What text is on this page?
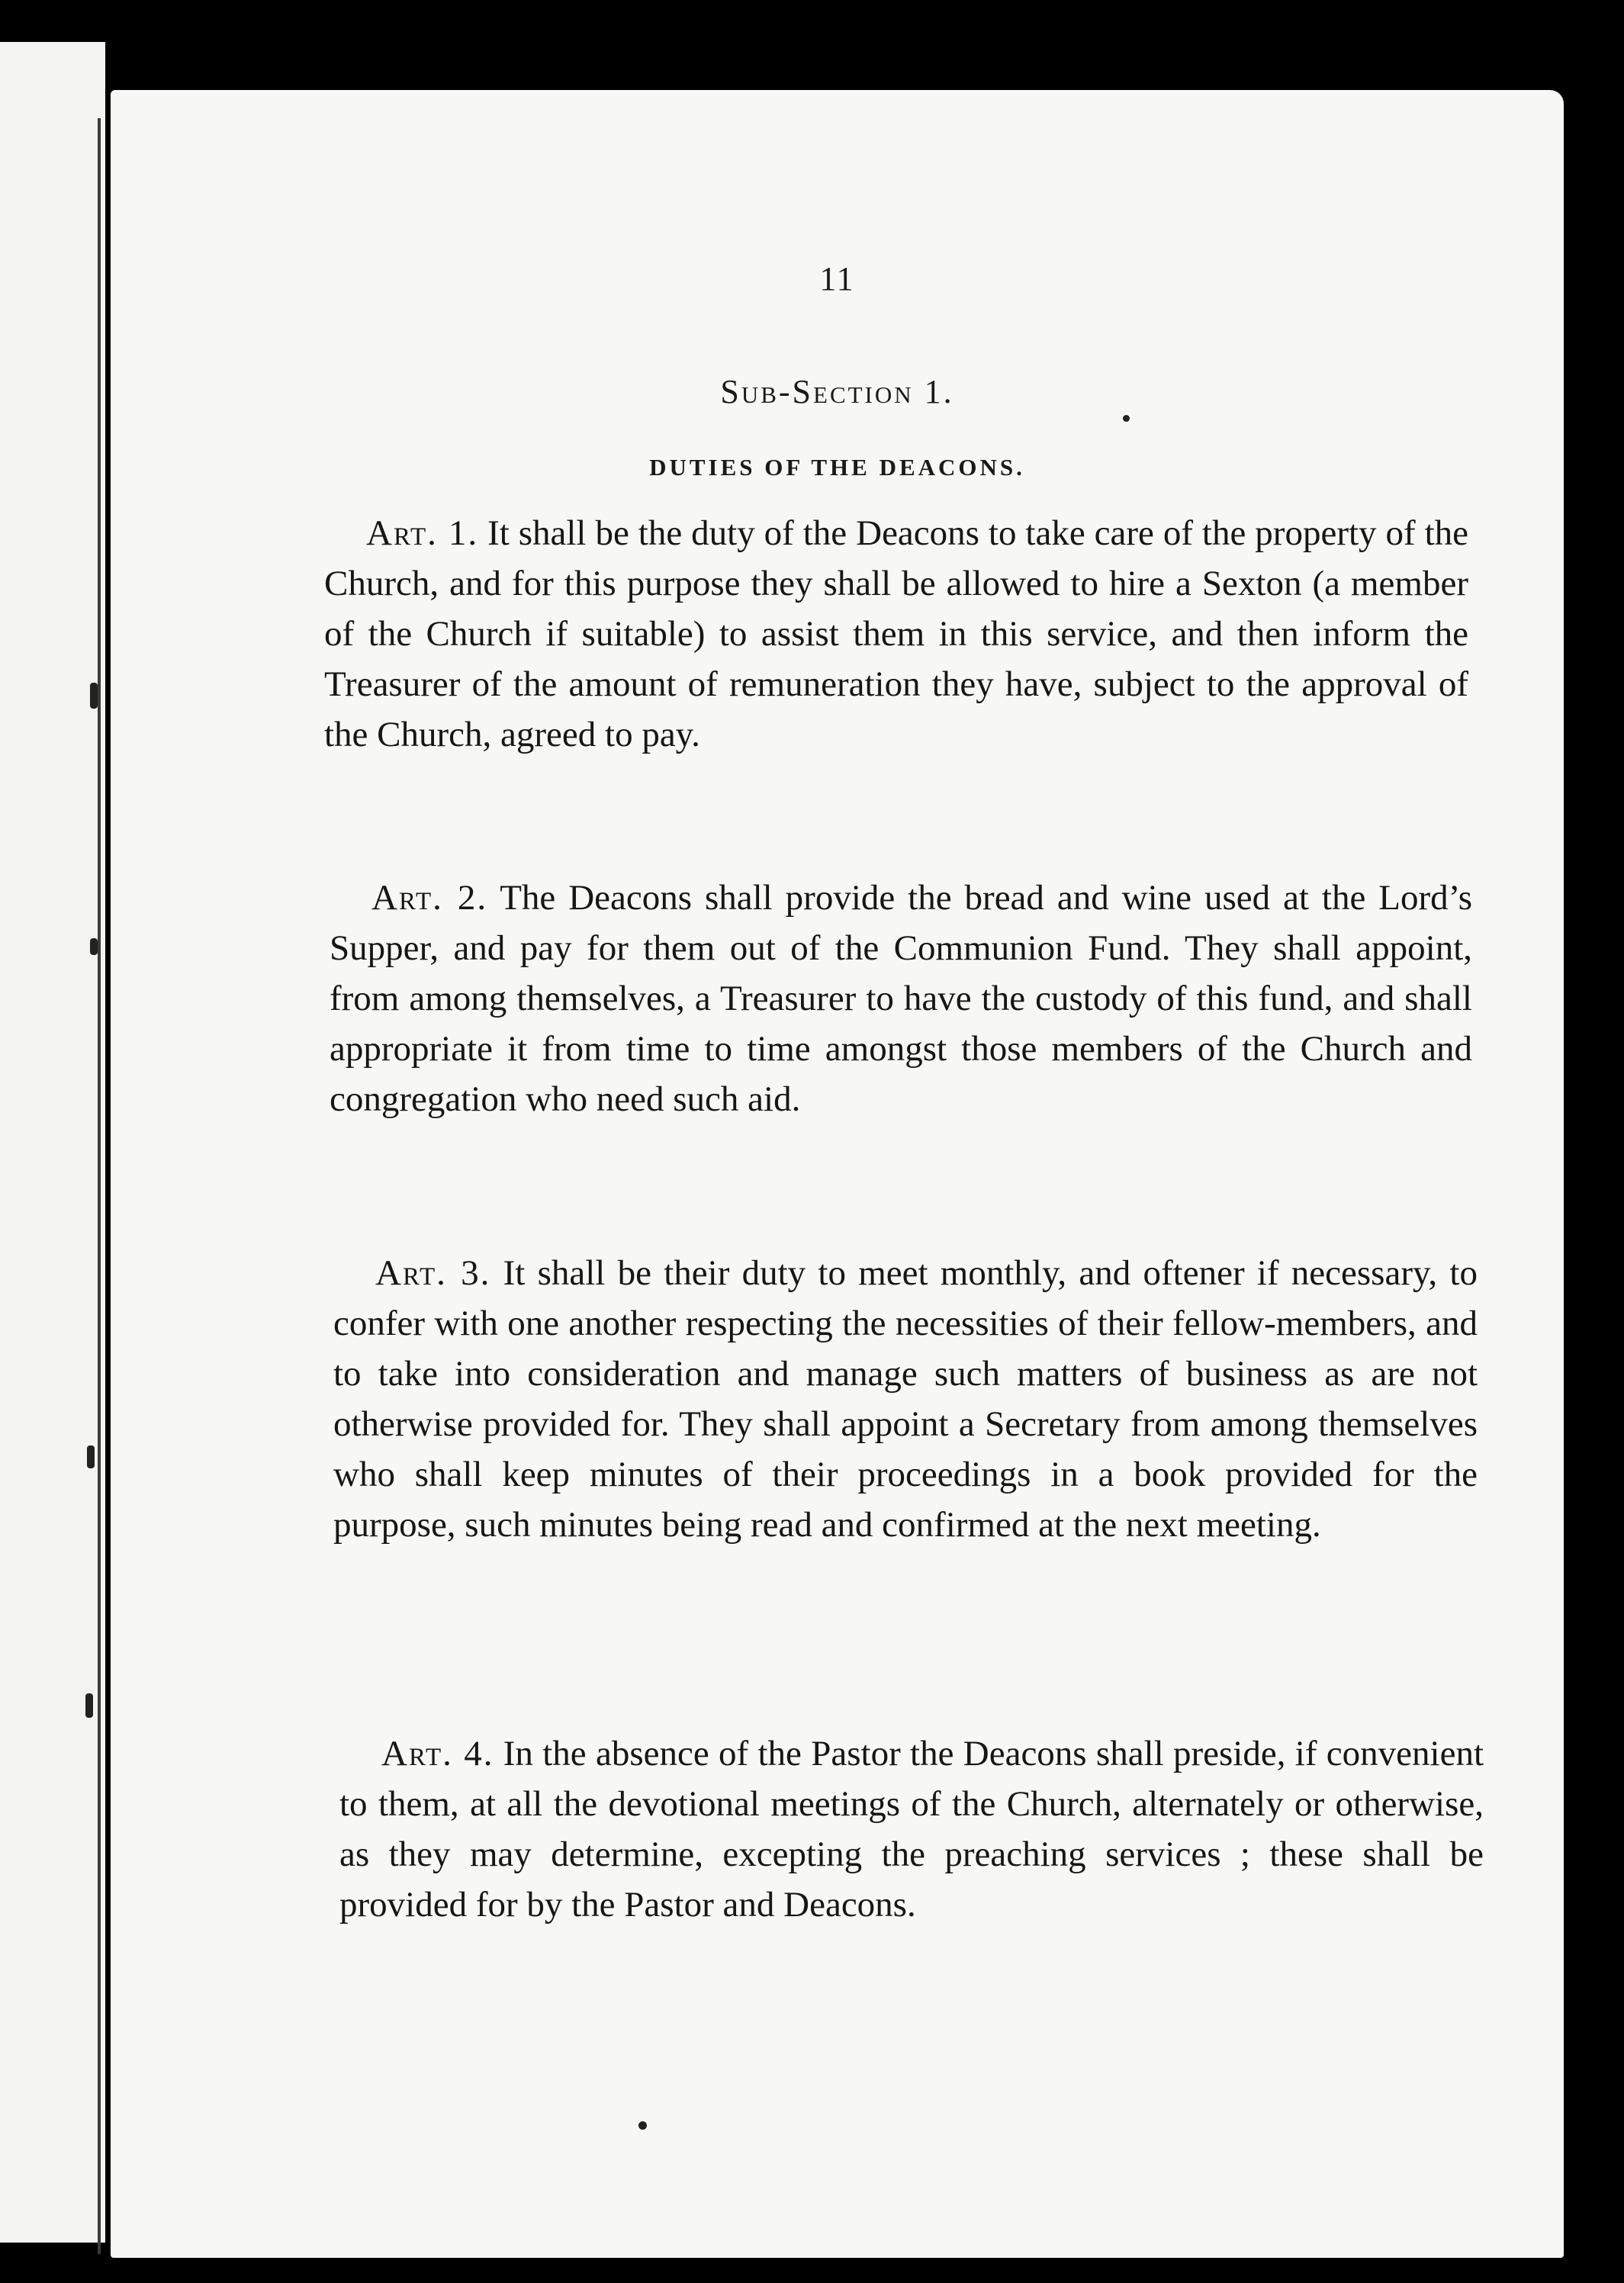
11
Sub-Section 1.
DUTIES OF THE DEACONS.

Art. 1. It shall be the duty of the Deacons to take care of the property of the Church, and for this purpose they shall be allowed to hire a Sexton (a member of the Church if suitable) to assist them in this service, and then inform the Treasurer of the amount of remuneration they have, subject to the approval of the Church, agreed to pay.

Art. 2. The Deacons shall provide the bread and wine used at the Lord’s Supper, and pay for them out of the Communion Fund. They shall appoint, from among themselves, a Treasurer to have the custody of this fund, and shall appropriate it from time to time amongst those members of the Church and congregation who need such aid.

Art. 3. It shall be their duty to meet monthly, and oftener if necessary, to confer with one another respecting the necessities of their fellow-members, and to take into consideration and manage such matters of business as are not otherwise provided for. They shall appoint a Secretary from among themselves who shall keep minutes of their proceedings in a book provided for the purpose, such minutes being read and confirmed at the next meeting.

Art. 4. In the absence of the Pastor the Deacons shall preside, if convenient to them, at all the devotional meetings of the Church, alternately or otherwise, as they may determine, excepting the preaching services ; these shall be provided for by the Pastor and Deacons.
